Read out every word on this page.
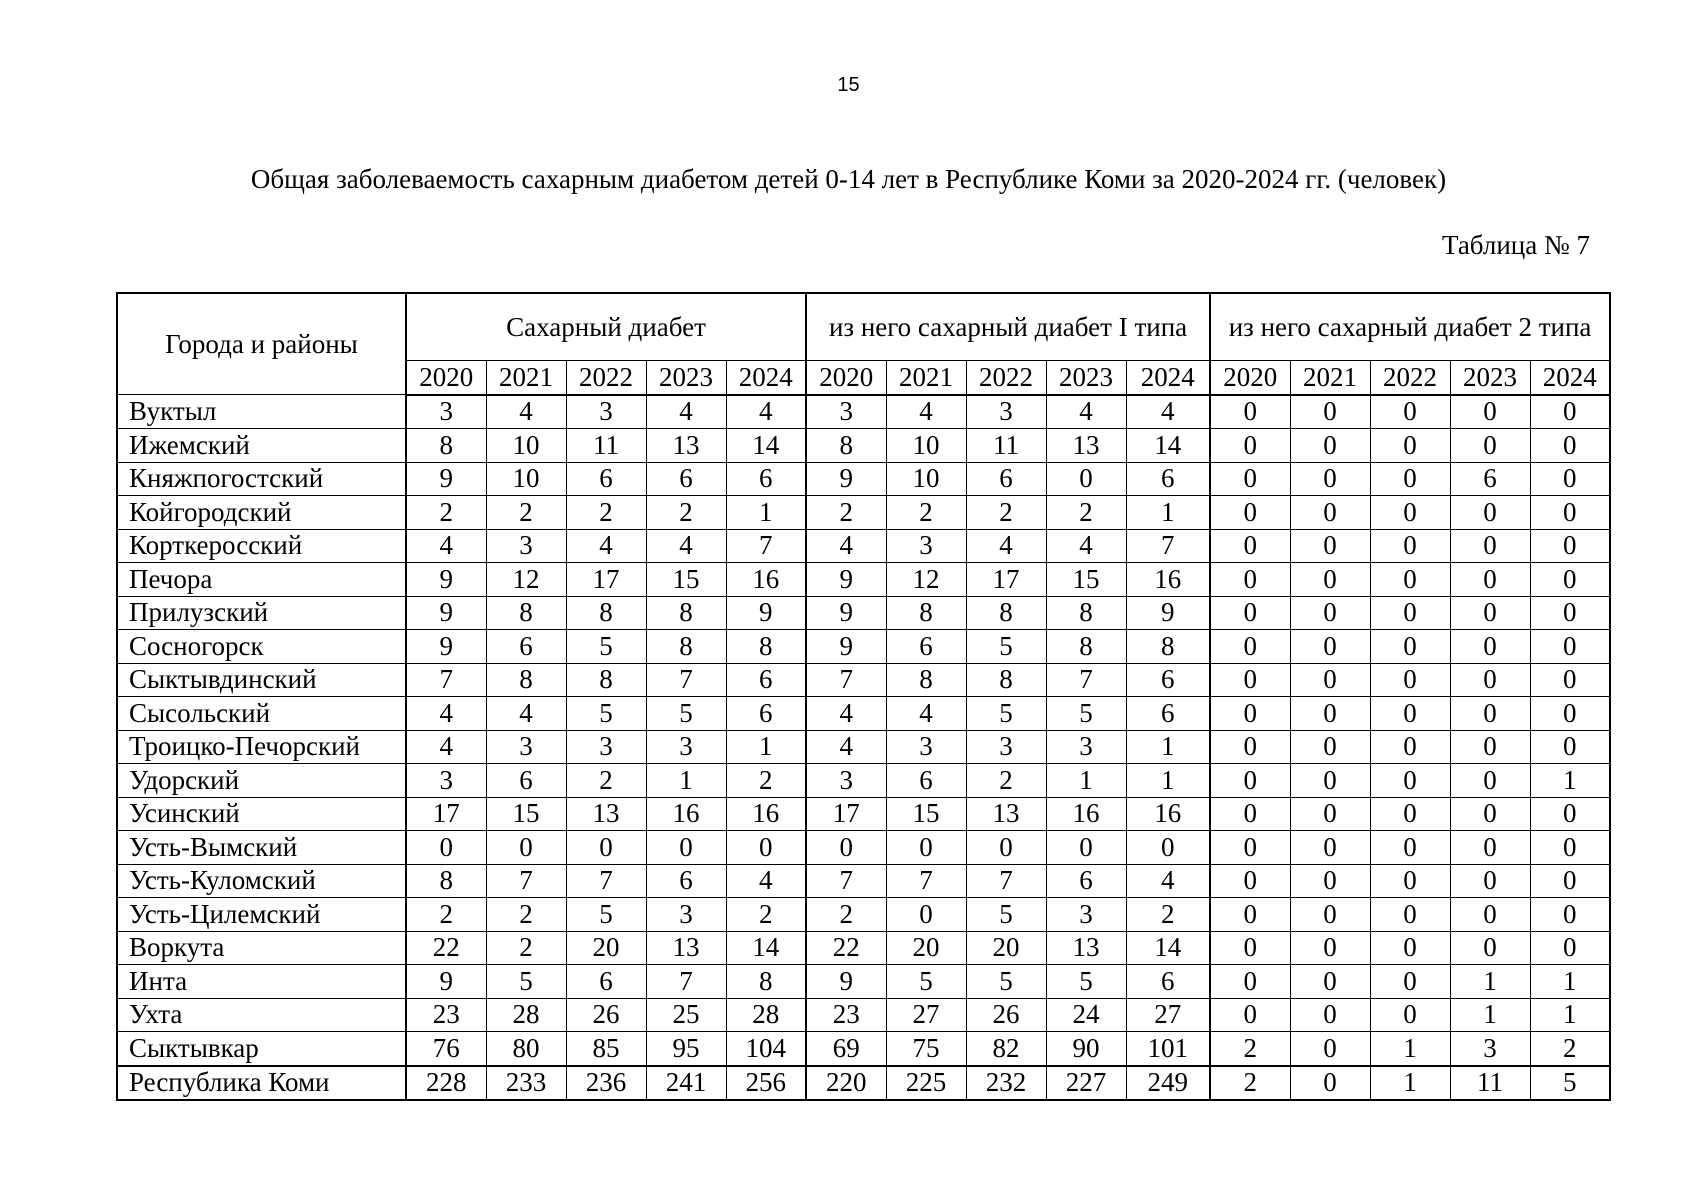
15
Общая заболеваемость сахарным диабетом детей 0-14 лет в Республике Коми за 2020-2024 гг. (человек)
Таблица № 7
Города и районы	Сахарный диабет					из него сахарный диабет I типа					из него сахарный диабет 2 типа				
	2020	2021	2022	2023	2024	2020	2021	2022	2023	2024	2020	2021	2022	2023	2024
Вуктыл	3	4	3	4	4	3	4	3	4	4	0	0	0	0	0
Ижемский	8	10	11	13	14	8	10	11	13	14	0	0	0	0	0
Княжпогостский	9	10	6	6	6	9	10	6	0	6	0	0	0	6	0
Койгородский	2	2	2	2	1	2	2	2	2	1	0	0	0	0	0
Корткеросский	4	3	4	4	7	4	3	4	4	7	0	0	0	0	0
Печора	9	12	17	15	16	9	12	17	15	16	0	0	0	0	0
Прилузский	9	8	8	8	9	9	8	8	8	9	0	0	0	0	0
Сосногорск	9	6	5	8	8	9	6	5	8	8	0	0	0	0	0
Сыктывдинский	7	8	8	7	6	7	8	8	7	6	0	0	0	0	0
Сысольский	4	4	5	5	6	4	4	5	5	6	0	0	0	0	0
Троицко-Печорский	4	3	3	3	1	4	3	3	3	1	0	0	0	0	0
Удорский	3	6	2	1	2	3	6	2	1	1	0	0	0	0	1
Усинский	17	15	13	16	16	17	15	13	16	16	0	0	0	0	0
Усть-Вымский	0	0	0	0	0	0	0	0	0	0	0	0	0	0	0
Усть-Куломский	8	7	7	6	4	7	7	7	6	4	0	0	0	0	0
Усть-Цилемский	2	2	5	3	2	2	0	5	3	2	0	0	0	0	0
Воркута	22	2	20	13	14	22	20	20	13	14	0	0	0	0	0
Инта	9	5	6	7	8	9	5	5	5	6	0	0	0	1	1
Ухта	23	28	26	25	28	23	27	26	24	27	0	0	0	1	1
Сыктывкар	76	80	85	95	104	69	75	82	90	101	2	0	1	3	2
Республика Коми	228	233	236	241	256	220	225	232	227	249	2	0	1	11	5
